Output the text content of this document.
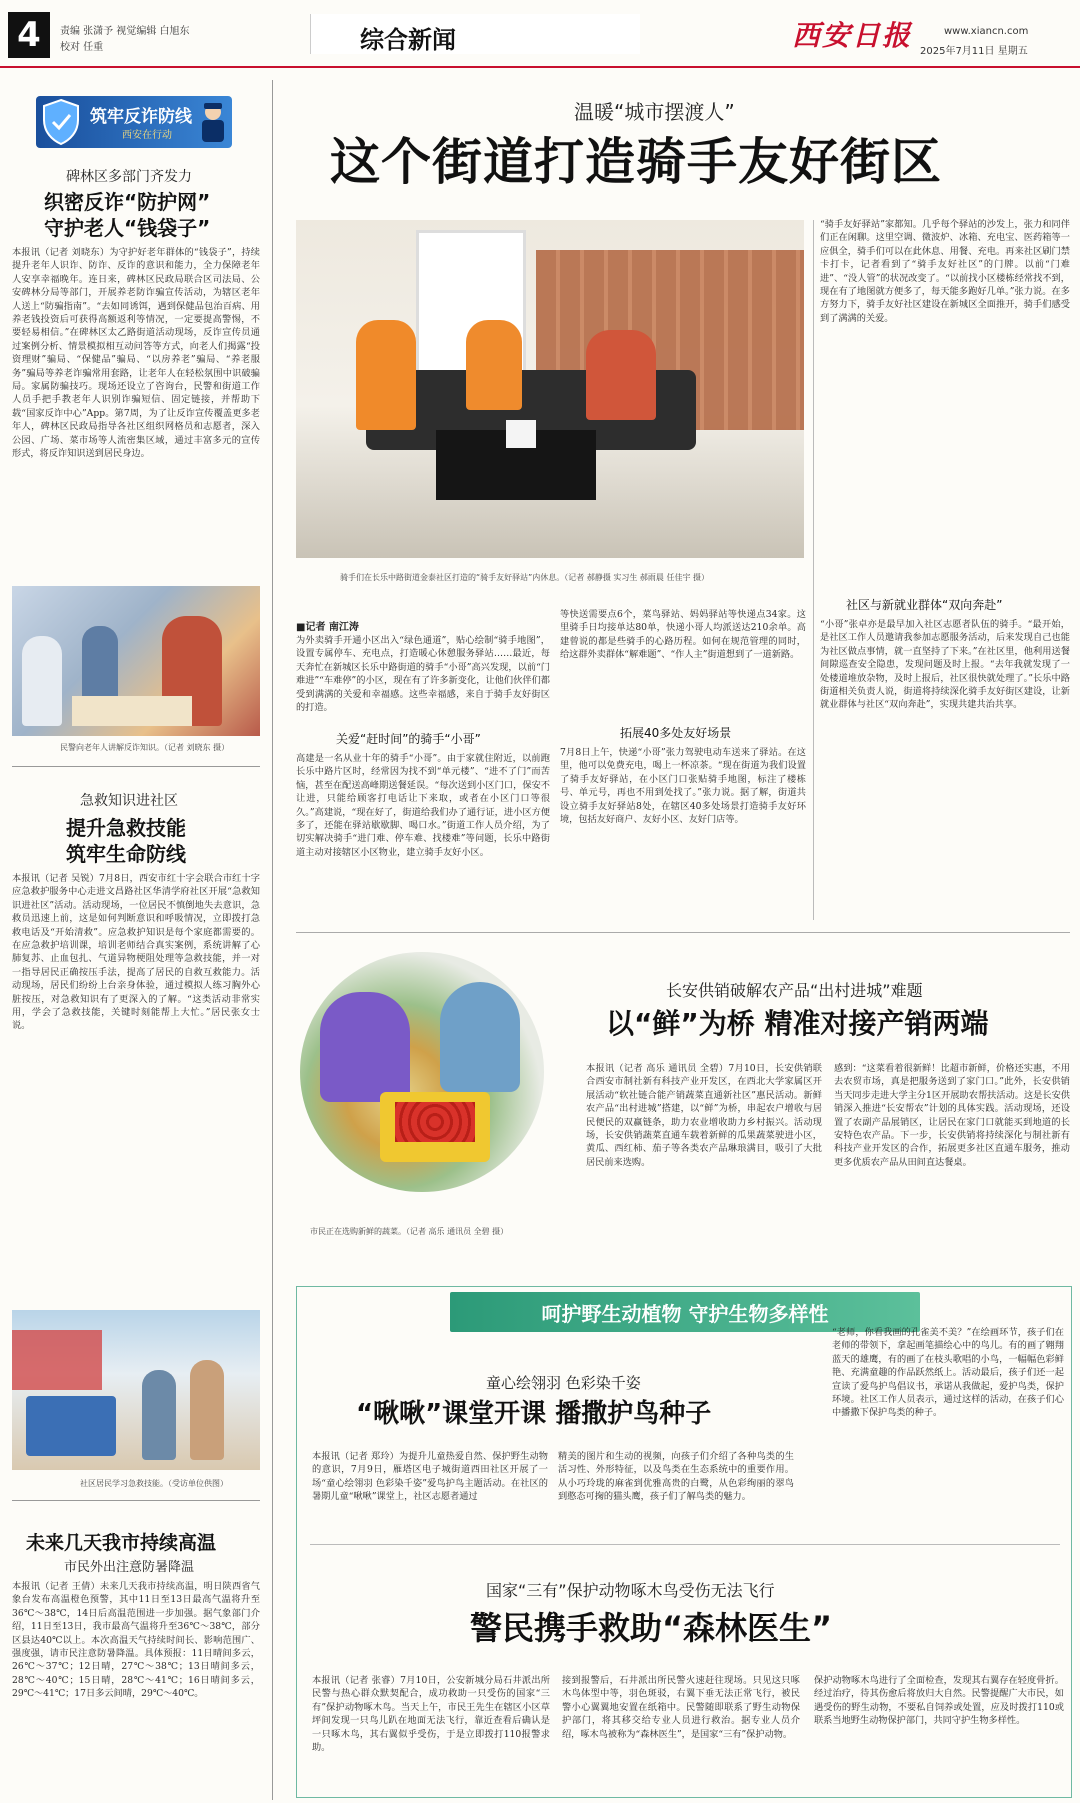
4	责编 张潇予 视觉编辑 白旭东
校对 任重	综合新闻	西安日报	www.xiancn.com
2025年7月11日 星期五
筑牢反诈防线
西安在行动
碑林区多部门齐发力
织密反诈“防护网”
守护老人“钱袋子”
本报讯（记者 刘晓东）为守护好老年群体的“钱袋子”，持续提升老年人识诈、防诈、反诈的意识和能力，全力保障老年人安享幸福晚年。连日来，碑林区民政局联合区司法局、公安碑林分局等部门，开展养老防诈骗宣传活动，为辖区老年人送上“防骗指南”。“去如同诱饵，遇到保健品包治百病、用养老钱投资后可获得高额返利等情况，一定要提高警惕，不要轻易相信。”在碑林区太乙路街道活动现场，反诈宣传员通过案例分析、情景模拟相互动问答等方式，向老人们揭露“投资理财”骗局、“保健品”骗局、“以房养老”骗局、“养老服务”骗局等养老诈骗常用套路，让老年人在轻松氛围中识破骗局。家属防骗技巧。现场还设立了咨询台，民警和街道工作人员手把手教老年人识别诈骗短信、固定链接，并帮助下载“国家反诈中心”App。第7周，为了让反诈宣传覆盖更多老年人，碑林区民政局指导各社区组织网格员和志愿者，深入公园、广场、菜市场等人流密集区域，通过丰富多元的宣传形式，将反诈知识送到居民身边。
民警向老年人讲解反诈知识。（记者 刘晓东 摄）
急救知识进社区
提升急救技能
筑牢生命防线
本报讯（记者 吴锐）7月8日，西安市红十字会联合市红十字应急救护服务中心走进文昌路社区华清学府社区开展“急救知识进社区”活动。活动现场，一位居民不慎倒地失去意识，急救员迅速上前，这是如何判断意识和呼吸情况，立即拨打急救电话及“开始清救”。应急救护知识是每个家庭都需要的。在应急救护培训课，培训老师结合真实案例，系统讲解了心肺复苏、止血包扎、气道异物梗阻处理等急救技能，并一对一指导居民正确按压手法，提高了居民的自救互救能力。活动现场，居民们纷纷上台亲身体验，通过模拟人练习胸外心脏按压，对急救知识有了更深入的了解。“这类活动非常实用，学会了急救技能，关键时刻能帮上大忙。”居民张女士说。
社区居民学习急救技能。（受访单位供图）
未来几天我市持续高温
市民外出注意防暑降温
本报讯（记者 王倩）未来几天我市持续高温，明日陕西省气象台发布高温橙色预警，其中11日至13日最高气温将升至36℃～38℃，14日后高温范围进一步加强。据气象部门介绍，11日至13日，我市最高气温将升至36℃～38℃，部分区县达40℃以上。本次高温天气持续时间长、影响范围广、强度强，请市民注意防暑降温。具体预报：11日晴间多云，26℃～37℃；12日晴，27℃～38℃；13日晴间多云，28℃～40℃；15日晴，28℃～41℃；16日晴间多云，29℃～41℃；17日多云间晴，29℃～40℃。
温暖“城市摆渡人”
这个街道打造骑手友好街区
骑手们在长乐中路街道金泰社区打造的“骑手友好驿站”内休息。（记者 郝静摄 实习生 郝雨晨 任佳宇 摄）
■记者 南江涛
为外卖骑手开通小区出入“绿色通道”，贴心绘制“骑手地图”，设置专属停车、充电点，打造暖心休憩服务驿站……最近，每天奔忙在新城区长乐中路街道的骑手“小哥”高兴发现，以前“门难进”“车难停”的小区，现在有了许多新变化，让他们伙伴们都受到满满的关爱和幸福感。这些幸福感，来自于骑手友好街区的打造。
关爱“赶时间”的骑手“小哥”
高建是一名从业十年的骑手“小哥”。由于家就住附近，以前跑长乐中路片区时，经常因为找不到“单元楼”、“进不了门”而苦恼，甚至在配送高峰期送餐延误。“每次送到小区门口，保安不让进，只能给顾客打电话让下来取，或者在小区门口等很久。”高建说，“现在好了，街道给我们办了通行证，进小区方便多了，还能在驿站歇歇脚、喝口水。”街道工作人员介绍，为了切实解决骑手“进门难、停车难、找楼难”等问题，长乐中路街道主动对接辖区小区物业，建立骑手友好小区。
等快送需要点6个，菜鸟驿站、妈妈驿站等快递点34家。这里骑手日均接单达80单，快递小哥人均派送达210余单。高建曾说的都是些骑手的心路历程。如何在规范管理的同时，给这群外卖群体“解难题”、“作人主”街道想到了一道新路。
拓展40多处友好场景
7月8日上午，快递“小哥”张力驾驶电动车送来了驿站。在这里，他可以免费充电，喝上一杯凉茶。“现在街道为我们设置了骑手友好驿站，在小区门口张贴骑手地图，标注了楼栋号、单元号，再也不用到处找了。”张力说。据了解，街道共设立骑手友好驿站8处，在辖区40多处场景打造骑手友好环境，包括友好商户、友好小区、友好门店等。
“骑手友好驿站”家都知。几乎每个驿站的沙发上，张力和同伴们正在闲聊。这里空调、微波炉、冰箱、充电宝、医药箱等一应俱全，骑手们可以在此休息、用餐、充电。再来社区刷门禁卡打卡，记者看到了“骑手友好社区”的门牌。以前“门难进”、“没人管”的状况改变了。“以前找小区楼栋经常找不到，现在有了地图就方便多了，每天能多跑好几单。”张力说。在多方努力下，骑手友好社区建设在新城区全面推开，骑手们感受到了满满的关爱。
社区与新就业群体“双向奔赴”
“小哥”张卓亦是最早加入社区志愿者队伍的骑手。“最开始，是社区工作人员邀请我参加志愿服务活动，后来发现自己也能为社区做点事情，就一直坚持了下来。”在社区里，他利用送餐间隙巡查安全隐患，发现问题及时上报。“去年我就发现了一处楼道堆放杂物，及时上报后，社区很快就处理了。”长乐中路街道相关负责人说，街道将持续深化骑手友好街区建设，让新就业群体与社区“双向奔赴”，实现共建共治共享。
市民正在选购新鲜的蔬菜。（记者 高乐 通讯员 全碧 摄）
长安供销破解农产品“出村进城”难题
以“鲜”为桥 精准对接产销两端
本报讯（记者 高乐 通讯员 全碧）7月10日，长安供销联合西安市制社新有科技产业开发区，在西北大学家属区开展活动“软社链合能产销蔬菜直通新社区”惠民活动。新鲜农产品“出村进城”搭建，以“鲜”为桥，串起农户增收与居民便民的双赢链条，助力农业增收助力乡村振兴。活动现场，长安供销蔬菜直通车载着新鲜的瓜果蔬菜驶进小区，黄瓜、西红柿、茄子等各类农产品琳琅满目，吸引了大批居民前来选购。
感到：“这菜看着很新鲜！比超市新鲜，价格还实惠，不用去农贸市场，真是把服务送到了家门口。”此外，长安供销当天同步走进大学主分1区开展助农帮扶活动。这是长安供销深入推进“长安帮农”计划的具体实践。活动现场，还设置了农副产品展销区，让居民在家门口就能买到地道的长安特色农产品。下一步，长安供销将持续深化与制社新有科技产业开发区的合作，拓展更多社区直通车服务，推动更多优质农产品从田间直达餐桌。
呵护野生动植物 守护生物多样性
童心绘翎羽 色彩染千姿
“啾啾”课堂开课 播撒护鸟种子
本报讯（记者 郑玲）为提升儿童热爱自然、保护野生动物的意识，7月9日，雁塔区电子城街道西田社区开展了一场“童心绘翎羽 色彩染千姿”爱鸟护鸟主题活动。在社区的暑期儿童“啾啾”课堂上，社区志愿者通过
精美的图片和生动的视频，向孩子们介绍了各种鸟类的生活习性、外形特征，以及鸟类在生态系统中的重要作用。从小巧玲珑的麻雀到优雅高贵的白鹭，从色彩绚丽的翠鸟到憨态可掬的猫头鹰，孩子们了解鸟类的魅力。
“老师，你看我画的孔雀美不美？”在绘画环节，孩子们在老师的带领下，拿起画笔描绘心中的鸟儿。有的画了翱翔蓝天的雄鹰，有的画了在枝头歌唱的小鸟，一幅幅色彩鲜艳、充满童趣的作品跃然纸上。活动最后，孩子们还一起宣读了爱鸟护鸟倡议书，承诺从我做起，爱护鸟类，保护环境。社区工作人员表示，通过这样的活动，在孩子们心中播撒下保护鸟类的种子。
国家“三有”保护动物啄木鸟受伤无法飞行
警民携手救助“森林医生”
本报讯（记者 张睿）7月10日，公安新城分局石井派出所民警与热心群众默契配合，成功救助一只受伤的国家“三有”保护动物啄木鸟。当天上午，市民王先生在辖区小区草坪间发现一只鸟儿趴在地面无法飞行，靠近查看后确认是一只啄木鸟，其右翼似乎受伤，于是立即拨打110报警求助。
接到报警后，石井派出所民警火速赶往现场。只见这只啄木鸟体型中等，羽色斑驳，右翼下垂无法正常飞行，被民警小心翼翼地安置在纸箱中。民警随即联系了野生动物保护部门，将其移交给专业人员进行救治。据专业人员介绍，啄木鸟被称为“森林医生”，是国家“三有”保护动物。
保护动物啄木鸟进行了全面检查，发现其右翼存在轻度骨折。经过治疗，待其伤愈后将放归大自然。民警提醒广大市民，如遇受伤的野生动物，不要私自饲养或处置，应及时拨打110或联系当地野生动物保护部门，共同守护生物多样性。
